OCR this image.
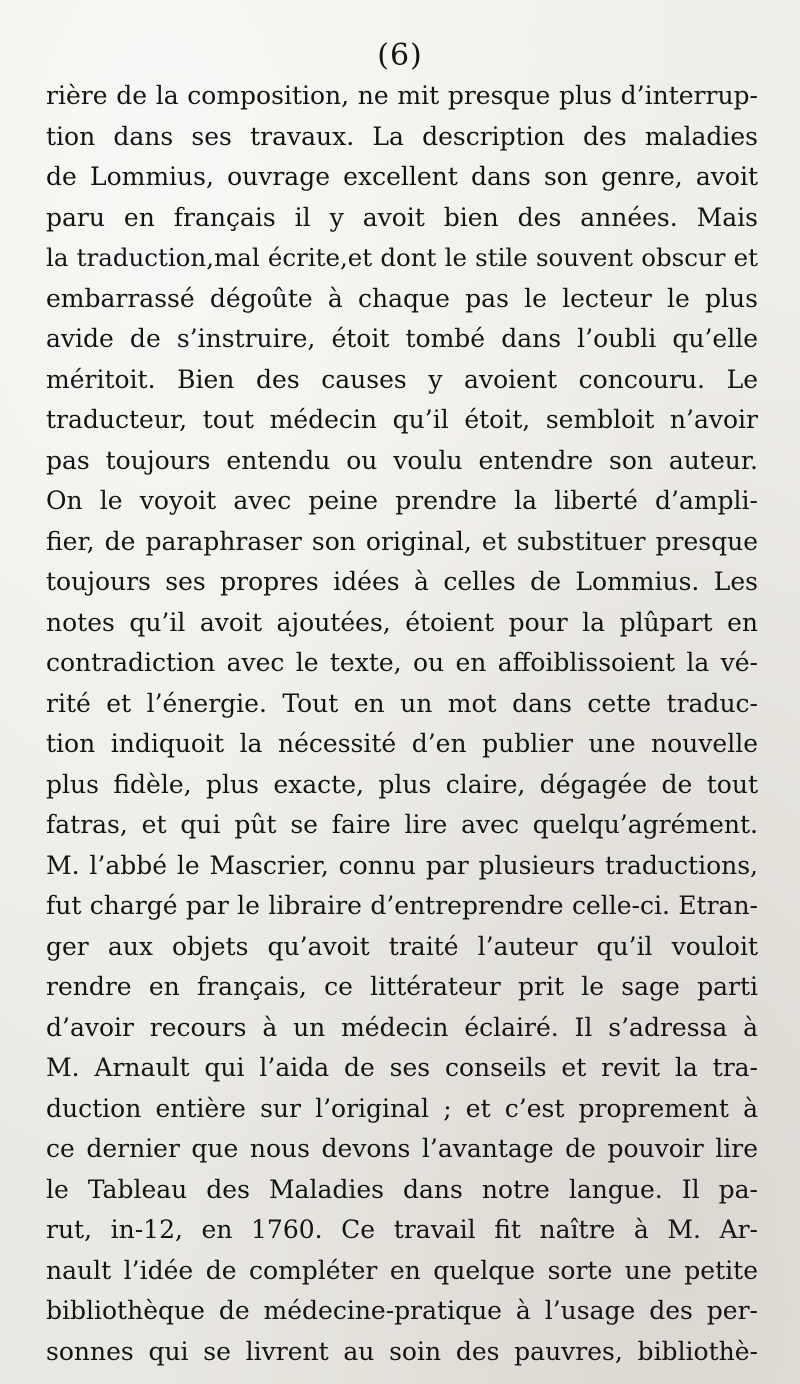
(6)
rière de la composition, ne mit presque plus d’interrup-
tion dans ses travaux. La description des maladies
de Lommius, ouvrage excellent dans son genre, avoit
paru en français il y avoit bien des années. Mais
la traduction,mal écrite,et dont le stile souvent obscur et
embarrassé dégoûte à chaque pas le lecteur le plus
avide de s’instruire, étoit tombé dans l’oubli qu’elle
méritoit. Bien des causes y avoient concouru. Le
traducteur, tout médecin qu’il étoit, sembloit n’avoir
pas toujours entendu ou voulu entendre son auteur.
On le voyoit avec peine prendre la liberté d’ampli-
fier, de paraphraser son original, et substituer presque
toujours ses propres idées à celles de Lommius. Les
notes qu’il avoit ajoutées, étoient pour la plûpart en
contradiction avec le texte, ou en affoiblissoient la vé-
rité et l’énergie. Tout en un mot dans cette traduc-
tion indiquoit la nécessité d’en publier une nouvelle
plus fidèle, plus exacte, plus claire, dégagée de tout
fatras, et qui pût se faire lire avec quelqu’agrément.
M. l’abbé le Mascrier, connu par plusieurs traductions,
fut chargé par le libraire d’entreprendre celle-ci. Etran-
ger aux objets qu’avoit traité l’auteur qu’il vouloit
rendre en français, ce littérateur prit le sage parti
d’avoir recours à un médecin éclairé. Il s’adressa à
M. Arnault qui l’aida de ses conseils et revit la tra-
duction entière sur l’original ; et c’est proprement à
ce dernier que nous devons l’avantage de pouvoir lire
le Tableau des Maladies dans notre langue. Il pa-
rut, in-12, en 1760. Ce travail fit naître à M. Ar-
nault l’idée de compléter en quelque sorte une petite
bibliothèque de médecine-pratique à l’usage des per-
sonnes qui se livrent au soin des pauvres, bibliothè-
